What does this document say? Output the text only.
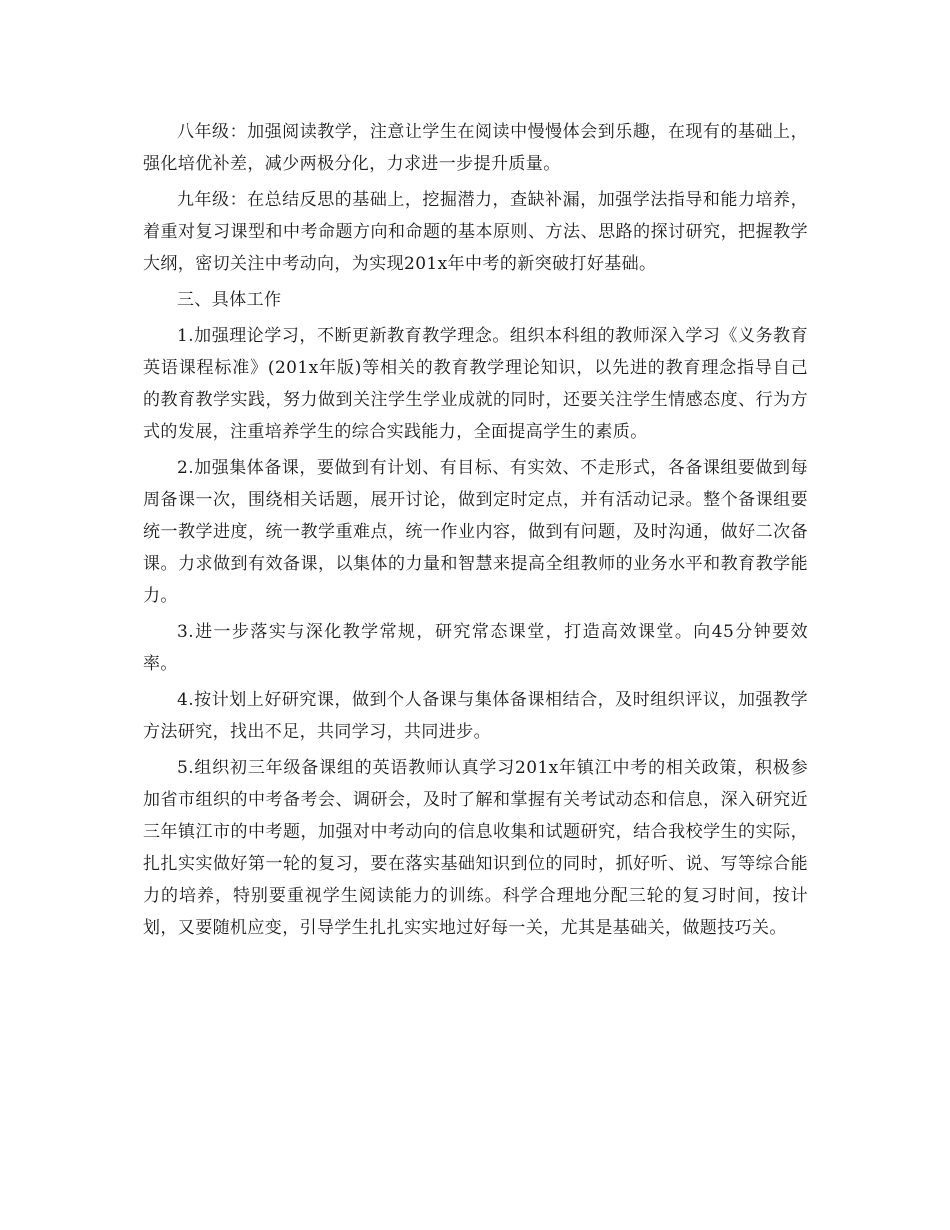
八年级：加强阅读教学，注意让学生在阅读中慢慢体会到乐趣，在现有的基础上，强化培优补差，减少两极分化，力求进一步提升质量。

九年级：在总结反思的基础上，挖掘潜力，查缺补漏，加强学法指导和能力培养，着重对复习课型和中考命题方向和命题的基本原则、方法、思路的探讨研究，把握教学大纲，密切关注中考动向，为实现201x年中考的新突破打好基础。

三、具体工作

1.加强理论学习，不断更新教育教学理念。组织本科组的教师深入学习《义务教育英语课程标准》(201x年版)等相关的教育教学理论知识，以先进的教育理念指导自己的教育教学实践，努力做到关注学生学业成就的同时，还要关注学生情感态度、行为方式的发展，注重培养学生的综合实践能力，全面提高学生的素质。

2.加强集体备课，要做到有计划、有目标、有实效、不走形式，各备课组要做到每周备课一次，围绕相关话题，展开讨论，做到定时定点，并有活动记录。整个备课组要统一教学进度，统一教学重难点，统一作业内容，做到有问题，及时沟通，做好二次备课。力求做到有效备课，以集体的力量和智慧来提高全组教师的业务水平和教育教学能力。

3.进一步落实与深化教学常规，研究常态课堂，打造高效课堂。向45分钟要效率。

4.按计划上好研究课，做到个人备课与集体备课相结合，及时组织评议，加强教学方法研究，找出不足，共同学习，共同进步。

5.组织初三年级备课组的英语教师认真学习201x年镇江中考的相关政策，积极参加省市组织的中考备考会、调研会，及时了解和掌握有关考试动态和信息，深入研究近三年镇江市的中考题，加强对中考动向的信息收集和试题研究，结合我校学生的实际，扎扎实实做好第一轮的复习，要在落实基础知识到位的同时，抓好听、说、写等综合能力的培养，特别要重视学生阅读能力的训练。科学合理地分配三轮的复习时间，按计划，又要随机应变，引导学生扎扎实实地过好每一关，尤其是基础关，做题技巧关。
